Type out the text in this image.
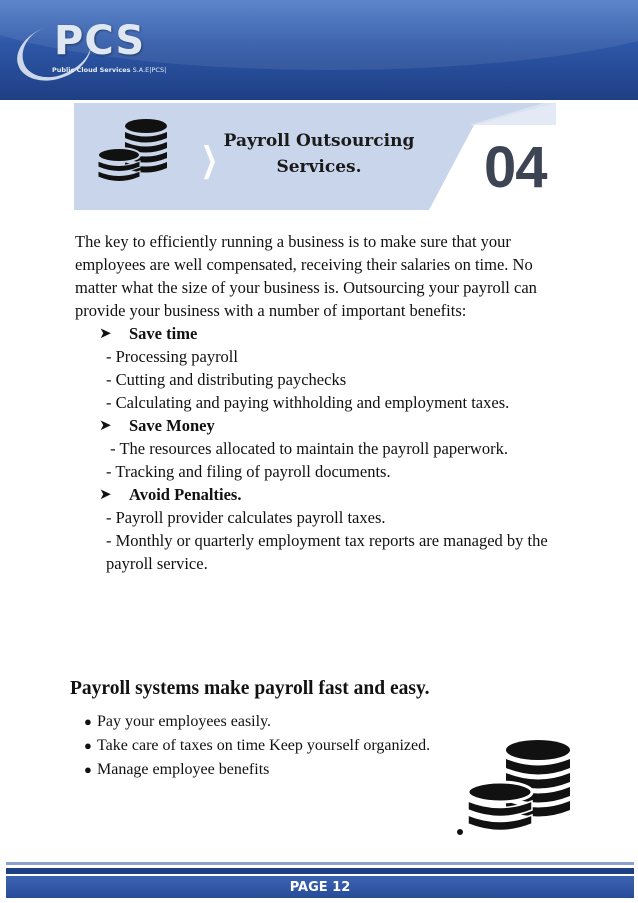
PCS
Public Cloud Services S.A.E|PCS|
❯ Payroll Outsourcing Services.	04

The key to efficiently running a business is to make sure that your employees are well compensated, receiving their salaries on time. No matter what the size of your business is. Outsourcing your payroll can provide your business with a number of important benefits:

➤	Save time
- Processing payroll
- Cutting and distributing paychecks
- Calculating and paying withholding and employment taxes.
➤	Save Money
- The resources allocated to maintain the payroll paperwork.
- Tracking and filing of payroll documents.
➤	Avoid Penalties.
- Payroll provider calculates payroll taxes.
- Monthly or quarterly employment tax reports are managed by the payroll service.
Payroll systems make payroll fast and easy.
● Pay your employees easily.
● Take care of taxes on time Keep yourself organized.
● Manage employee benefits
PAGE 12
